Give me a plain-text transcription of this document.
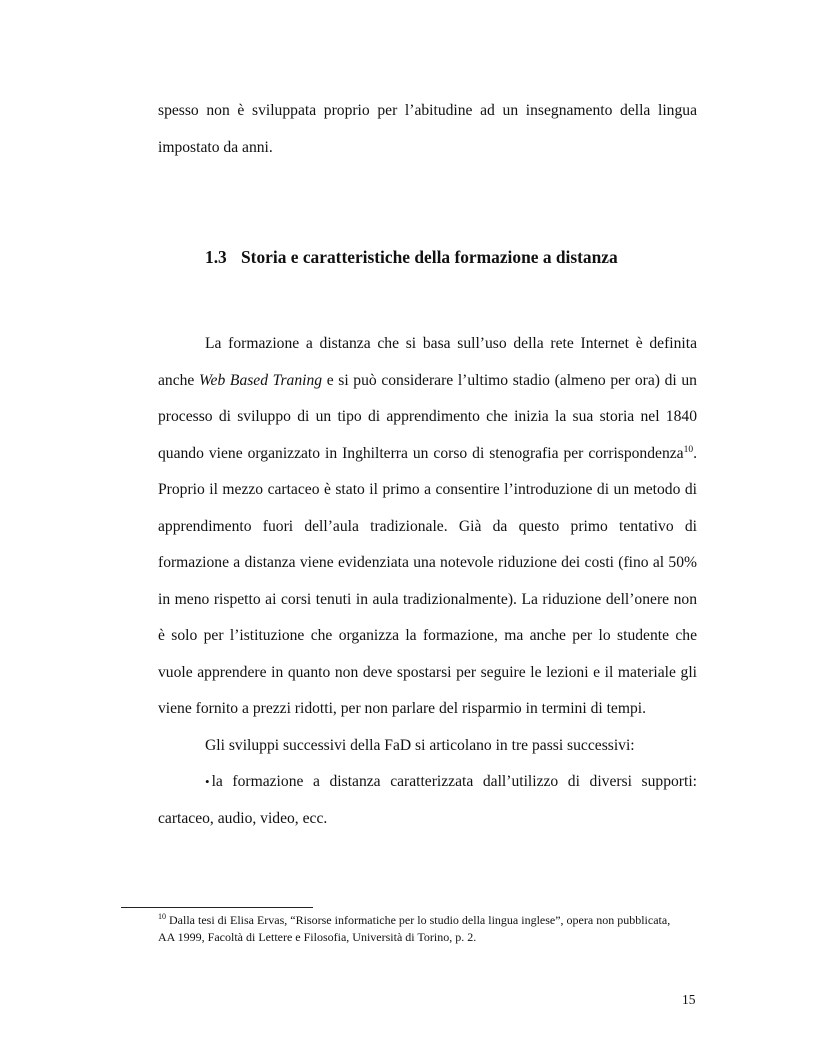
spesso non è sviluppata proprio per l’abitudine ad un insegnamento della lingua

impostato da anni.

1.3 Storia e caratteristiche della formazione a distanza

La formazione a distanza che si basa sull’uso della rete Internet è definita anche Web Based Traning e si può considerare l’ultimo stadio (almeno per ora) di un processo di sviluppo di un tipo di apprendimento che inizia la sua storia nel 1840 quando viene organizzato in Inghilterra un corso di stenografia per corrispondenza$^{10}$. Proprio il mezzo cartaceo è stato il primo a consentire l’introduzione di un metodo di apprendimento fuori dell’aula tradizionale. Già da questo primo tentativo di formazione a distanza viene evidenziata una notevole riduzione dei costi (fino al 50% in meno rispetto ai corsi tenuti in aula tradizionalmente). La riduzione dell’onere non è solo per l’istituzione che organizza la formazione, ma anche per lo studente che vuole apprendere in quanto non deve spostarsi per seguire le lezioni e il materiale gli viene fornito a prezzi ridotti, per non parlare del risparmio in termini di tempi.

Gli sviluppi successivi della FaD si articolano in tre passi successivi:

• la formazione a distanza caratterizzata dall’utilizzo di diversi supporti: cartaceo, audio, video, ecc.

$^{10}$ Dalla tesi di Elisa Ervas, “Risorse informatiche per lo studio della lingua inglese”, opera non pubblicata, AA 1999, Facoltà di Lettere e Filosofia, Università di Torino, p. 2.
15
